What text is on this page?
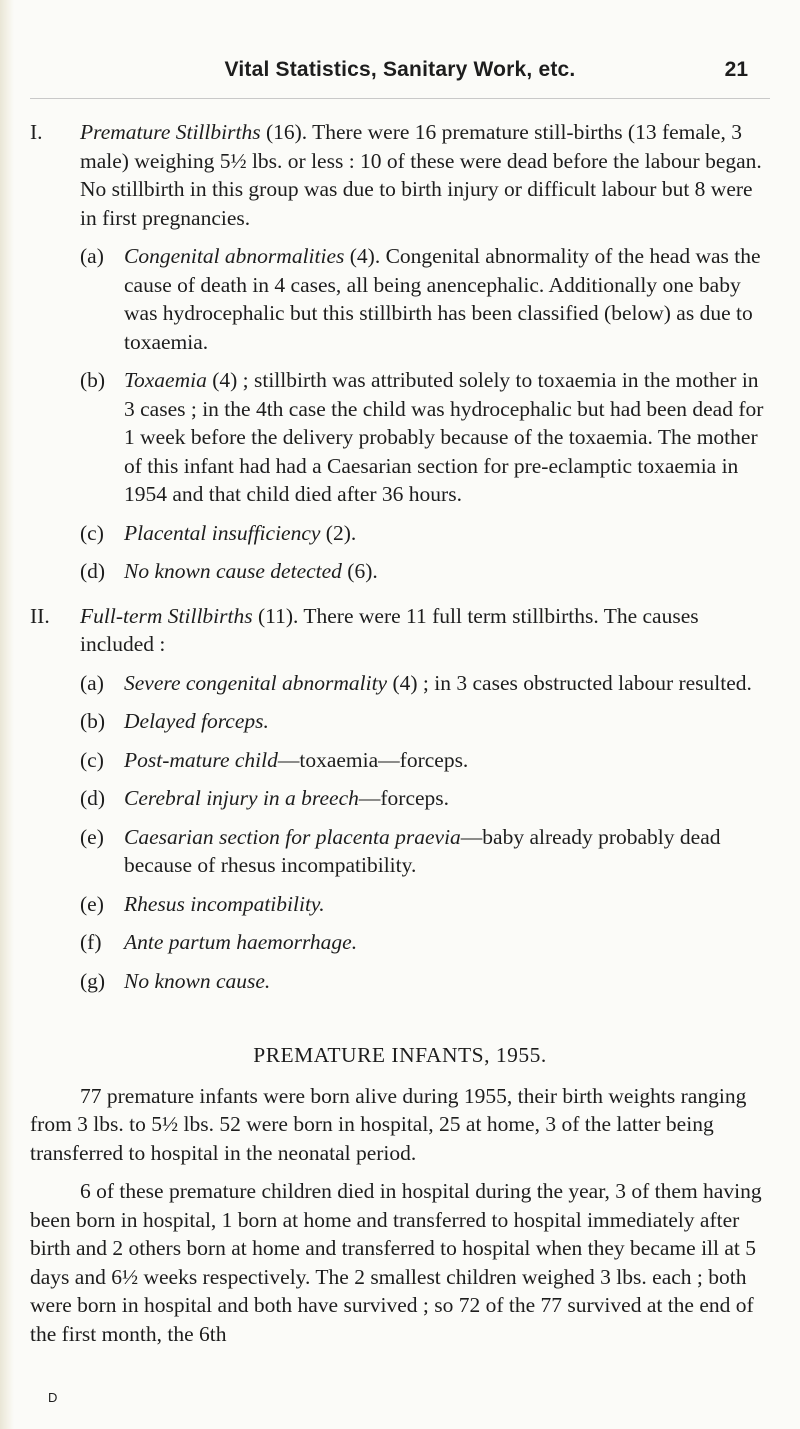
Vital Statistics, Sanitary Work, etc.	21
I. Premature Stillbirths (16). There were 16 premature still-births (13 female, 3 male) weighing 5½ lbs. or less : 10 of these were dead before the labour began. No stillbirth in this group was due to birth injury or difficult labour but 8 were in first pregnancies.
(a) Congenital abnormalities (4). Congenital abnormality of the head was the cause of death in 4 cases, all being anencephalic. Additionally one baby was hydrocephalic but this stillbirth has been classified (below) as due to toxaemia.
(b) Toxaemia (4) ; stillbirth was attributed solely to toxaemia in the mother in 3 cases ; in the 4th case the child was hydrocephalic but had been dead for 1 week before the delivery probably because of the toxaemia. The mother of this infant had had a Caesarian section for pre-eclamptic toxaemia in 1954 and that child died after 36 hours.
(c) Placental insufficiency (2).
(d) No known cause detected (6).
II. Full-term Stillbirths (11). There were 11 full term stillbirths. The causes included :
(a) Severe congenital abnormality (4) ; in 3 cases obstructed labour resulted.
(b) Delayed forceps.
(c) Post-mature child—toxaemia—forceps.
(d) Cerebral injury in a breech—forceps.
(e) Caesarian section for placenta praevia—baby already probably dead because of rhesus incompatibility.
(e) Rhesus incompatibility.
(f) Ante partum haemorrhage.
(g) No known cause.
PREMATURE INFANTS, 1955.
77 premature infants were born alive during 1955, their birth weights ranging from 3 lbs. to 5½ lbs. 52 were born in hospital, 25 at home, 3 of the latter being transferred to hospital in the neonatal period.
6 of these premature children died in hospital during the year, 3 of them having been born in hospital, 1 born at home and transferred to hospital immediately after birth and 2 others born at home and transferred to hospital when they became ill at 5 days and 6½ weeks respectively. The 2 smallest children weighed 3 lbs. each ; both were born in hospital and both have survived ; so 72 of the 77 survived at the end of the first month, the 6th
D
